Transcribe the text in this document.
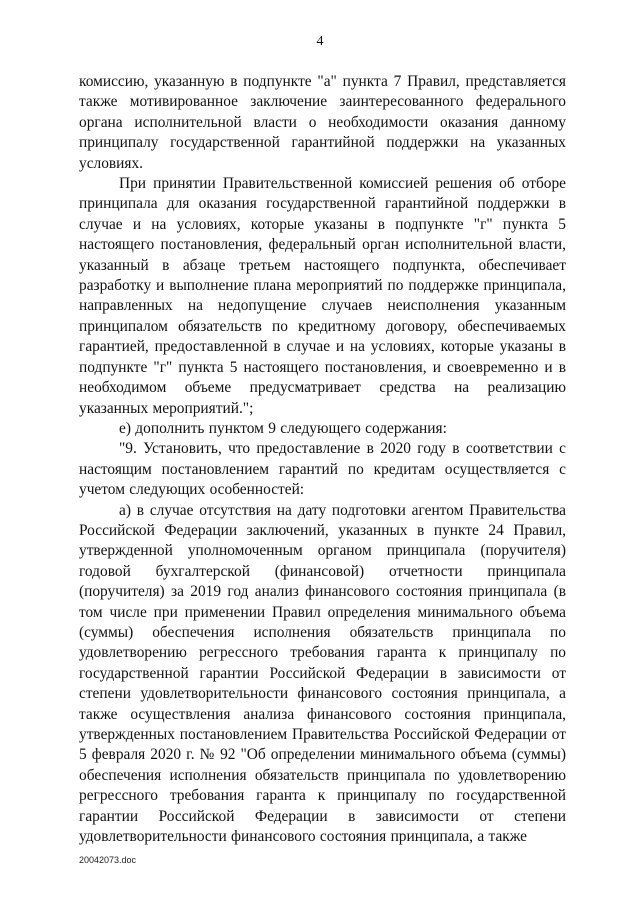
4

комиссию, указанную в подпункте "а" пункта 7 Правил, представляется также мотивированное заключение заинтересованного федерального органа исполнительной власти о необходимости оказания данному принципалу государственной гарантийной поддержки на указанных условиях.

При принятии Правительственной комиссией решения об отборе принципала для оказания государственной гарантийной поддержки в случае и на условиях, которые указаны в подпункте "г" пункта 5 настоящего постановления, федеральный орган исполнительной власти, указанный в абзаце третьем настоящего подпункта, обеспечивает разработку и выполнение плана мероприятий по поддержке принципала, направленных на недопущение случаев неисполнения указанным принципалом обязательств по кредитному договору, обеспечиваемых гарантией, предоставленной в случае и на условиях, которые указаны в подпункте "г" пункта 5 настоящего постановления, и своевременно и в необходимом объеме предусматривает средства на реализацию указанных мероприятий.";

е) дополнить пунктом 9 следующего содержания:

"9. Установить, что предоставление в 2020 году в соответствии с настоящим постановлением гарантий по кредитам осуществляется с учетом следующих особенностей:

а) в случае отсутствия на дату подготовки агентом Правительства Российской Федерации заключений, указанных в пункте 24 Правил, утвержденной уполномоченным органом принципала (поручителя) годовой бухгалтерской (финансовой) отчетности принципала (поручителя) за 2019 год анализ финансового состояния принципала (в том числе при применении Правил определения минимального объема (суммы) обеспечения исполнения обязательств принципала по удовлетворению регрессного требования гаранта к принципалу по государственной гарантии Российской Федерации в зависимости от степени удовлетворительности финансового состояния принципала, а также осуществления анализа финансового состояния принципала, утвержденных постановлением Правительства Российской Федерации от 5 февраля 2020 г. № 92 "Об определении минимального объема (суммы) обеспечения исполнения обязательств принципала по удовлетворению регрессного требования гаранта к принципалу по государственной гарантии Российской Федерации в зависимости от степени удовлетворительности финансового состояния принципала, а также

20042073.doc
